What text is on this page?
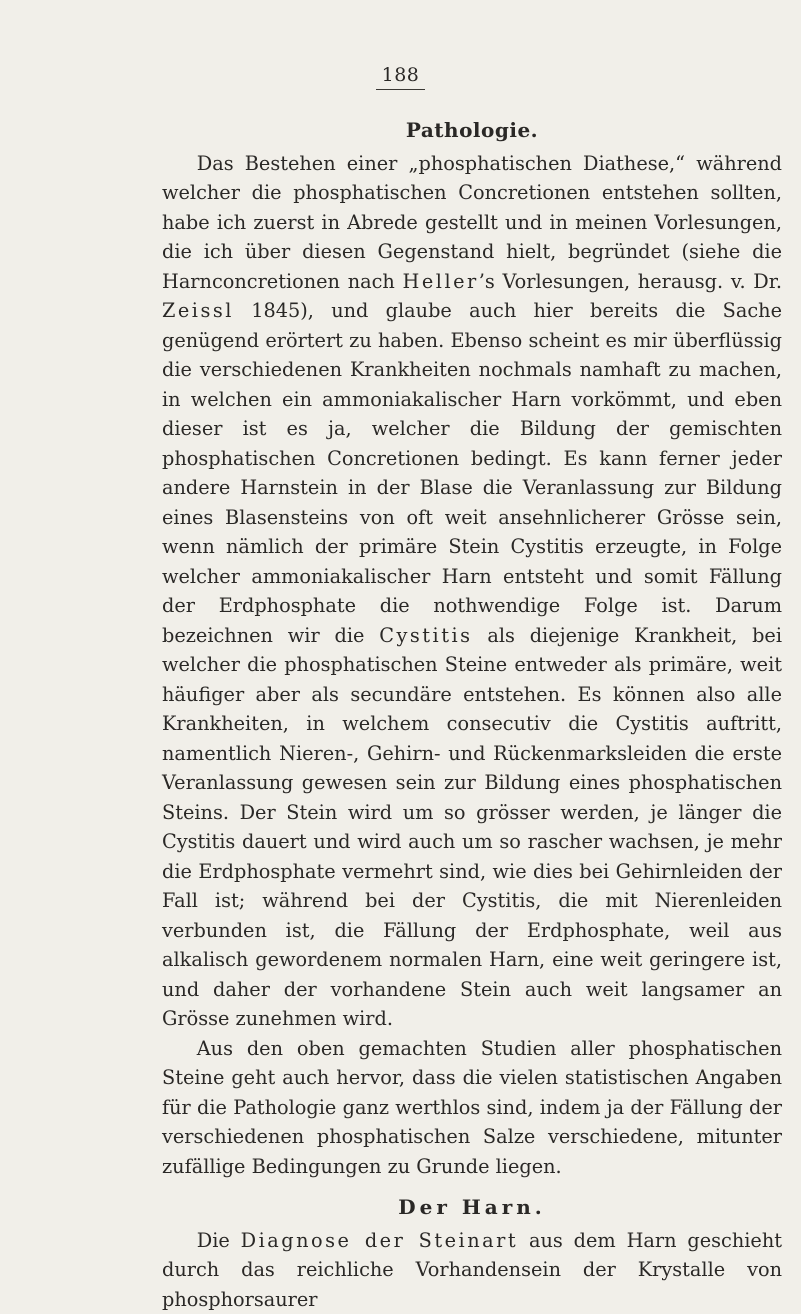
188
Pathologie.

Das Bestehen einer „phosphatischen Diathese,“ während welcher die phosphatischen Concretionen entstehen sollten, habe ich zuerst in Abrede gestellt und in meinen Vorlesungen, die ich über diesen Gegenstand hielt, begründet (siehe die Harnconcretionen nach Heller’s Vorlesungen, herausg. v. Dr. Zeissl 1845), und glaube auch hier bereits die Sache genügend erörtert zu haben. Ebenso scheint es mir überflüssig die verschiedenen Krankheiten nochmals namhaft zu machen, in welchen ein ammoniakalischer Harn vorkömmt, und eben dieser ist es ja, welcher die Bildung der gemischten phosphatischen Concretionen bedingt. Es kann ferner jeder andere Harnstein in der Blase die Veranlassung zur Bildung eines Blasensteins von oft weit ansehnlicherer Grösse sein, wenn nämlich der primäre Stein Cystitis erzeugte, in Folge welcher ammoniakalischer Harn entsteht und somit Fällung der Erdphosphate die nothwendige Folge ist. Darum bezeichnen wir die Cystitis als diejenige Krankheit, bei welcher die phosphatischen Steine entweder als primäre, weit häufiger aber als secundäre entstehen. Es können also alle Krankheiten, in welchem consecutiv die Cystitis auftritt, namentlich Nieren-, Gehirn- und Rückenmarksleiden die erste Veranlassung gewesen sein zur Bildung eines phosphatischen Steins. Der Stein wird um so grösser werden, je länger die Cystitis dauert und wird auch um so rascher wachsen, je mehr die Erdphosphate vermehrt sind, wie dies bei Gehirnleiden der Fall ist; während bei der Cystitis, die mit Nierenleiden verbunden ist, die Fällung der Erdphosphate, weil aus alkalisch gewordenem normalen Harn, eine weit geringere ist, und daher der vorhandene Stein auch weit langsamer an Grösse zunehmen wird.

Aus den oben gemachten Studien aller phosphatischen Steine geht auch hervor, dass die vielen statistischen Angaben für die Pathologie ganz werthlos sind, indem ja der Fällung der verschiedenen phosphatischen Salze verschiedene, mitunter zufällige Bedingungen zu Grunde liegen.

Der Harn.

Die Diagnose der Steinart aus dem Harn geschieht durch das reichliche Vorhandensein der Krystalle von phosphorsaurer
